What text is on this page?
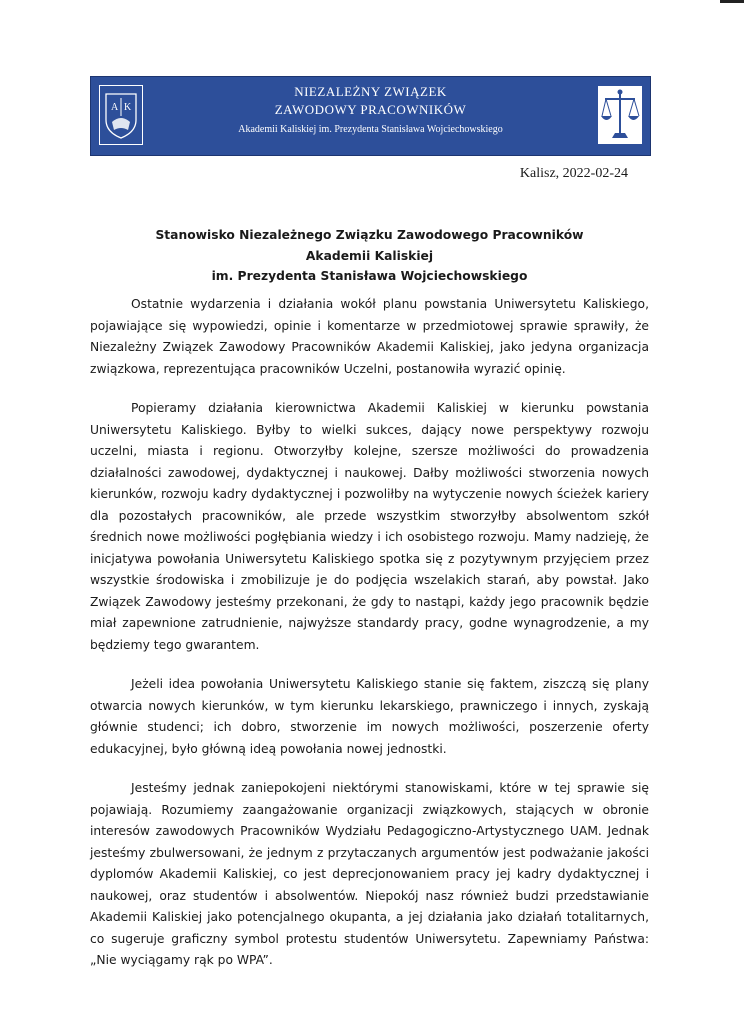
A K
NIEZALEŻNY ZWIĄZEK
ZAWODOWY PRACOWNIKÓW
Akademii Kaliskiej im. Prezydenta Stanisława Wojciechowskiego
Kalisz, 2022-02-24
Stanowisko Niezależnego Związku Zawodowego Pracowników
Akademii Kaliskiej
im. Prezydenta Stanisława Wojciechowskiego

Ostatnie wydarzenia i działania wokół planu powstania Uniwersytetu Kaliskiego, pojawiające się wypowiedzi, opinie i komentarze w przedmiotowej sprawie sprawiły, że Niezależny Związek Zawodowy Pracowników Akademii Kaliskiej, jako jedyna organizacja związkowa, reprezentująca pracowników Uczelni, postanowiła wyrazić opinię.

Popieramy działania kierownictwa Akademii Kaliskiej w kierunku powstania Uniwersytetu Kaliskiego. Byłby to wielki sukces, dający nowe perspektywy rozwoju uczelni, miasta i regionu. Otworzyłby kolejne, szersze możliwości do prowadzenia działalności zawodowej, dydaktycznej i naukowej. Dałby możliwości stworzenia nowych kierunków, rozwoju kadry dydaktycznej i pozwoliłby na wytyczenie nowych ścieżek kariery dla pozostałych pracowników, ale przede wszystkim stworzyłby absolwentom szkół średnich nowe możliwości pogłębiania wiedzy i ich osobistego rozwoju. Mamy nadzieję, że inicjatywa powołania Uniwersytetu Kaliskiego spotka się z pozytywnym przyjęciem przez wszystkie środowiska i zmobilizuje je do podjęcia wszelakich starań, aby powstał. Jako Związek Zawodowy jesteśmy przekonani, że gdy to nastąpi, każdy jego pracownik będzie miał zapewnione zatrudnienie, najwyższe standardy pracy, godne wynagrodzenie, a my będziemy tego gwarantem.

Jeżeli idea powołania Uniwersytetu Kaliskiego stanie się faktem, ziszczą się plany otwarcia nowych kierunków, w tym kierunku lekarskiego, prawniczego i innych, zyskają głównie studenci; ich dobro, stworzenie im nowych możliwości, poszerzenie oferty edukacyjnej, było główną ideą powołania nowej jednostki.

Jesteśmy jednak zaniepokojeni niektórymi stanowiskami, które w tej sprawie się pojawiają. Rozumiemy zaangażowanie organizacji związkowych, stających w obronie interesów zawodowych Pracowników Wydziału Pedagogiczno-Artystycznego UAM. Jednak jesteśmy zbulwersowani, że jednym z przytaczanych argumentów jest podważanie jakości dyplomów Akademii Kaliskiej, co jest deprecjonowaniem pracy jej kadry dydaktycznej i naukowej, oraz studentów i absolwentów. Niepokój nasz również budzi przedstawianie Akademii Kaliskiej jako potencjalnego okupanta, a jej działania jako działań totalitarnych, co sugeruje graficzny symbol protestu studentów Uniwersytetu. Zapewniamy Państwa: „Nie wyciągamy rąk po WPA”.
